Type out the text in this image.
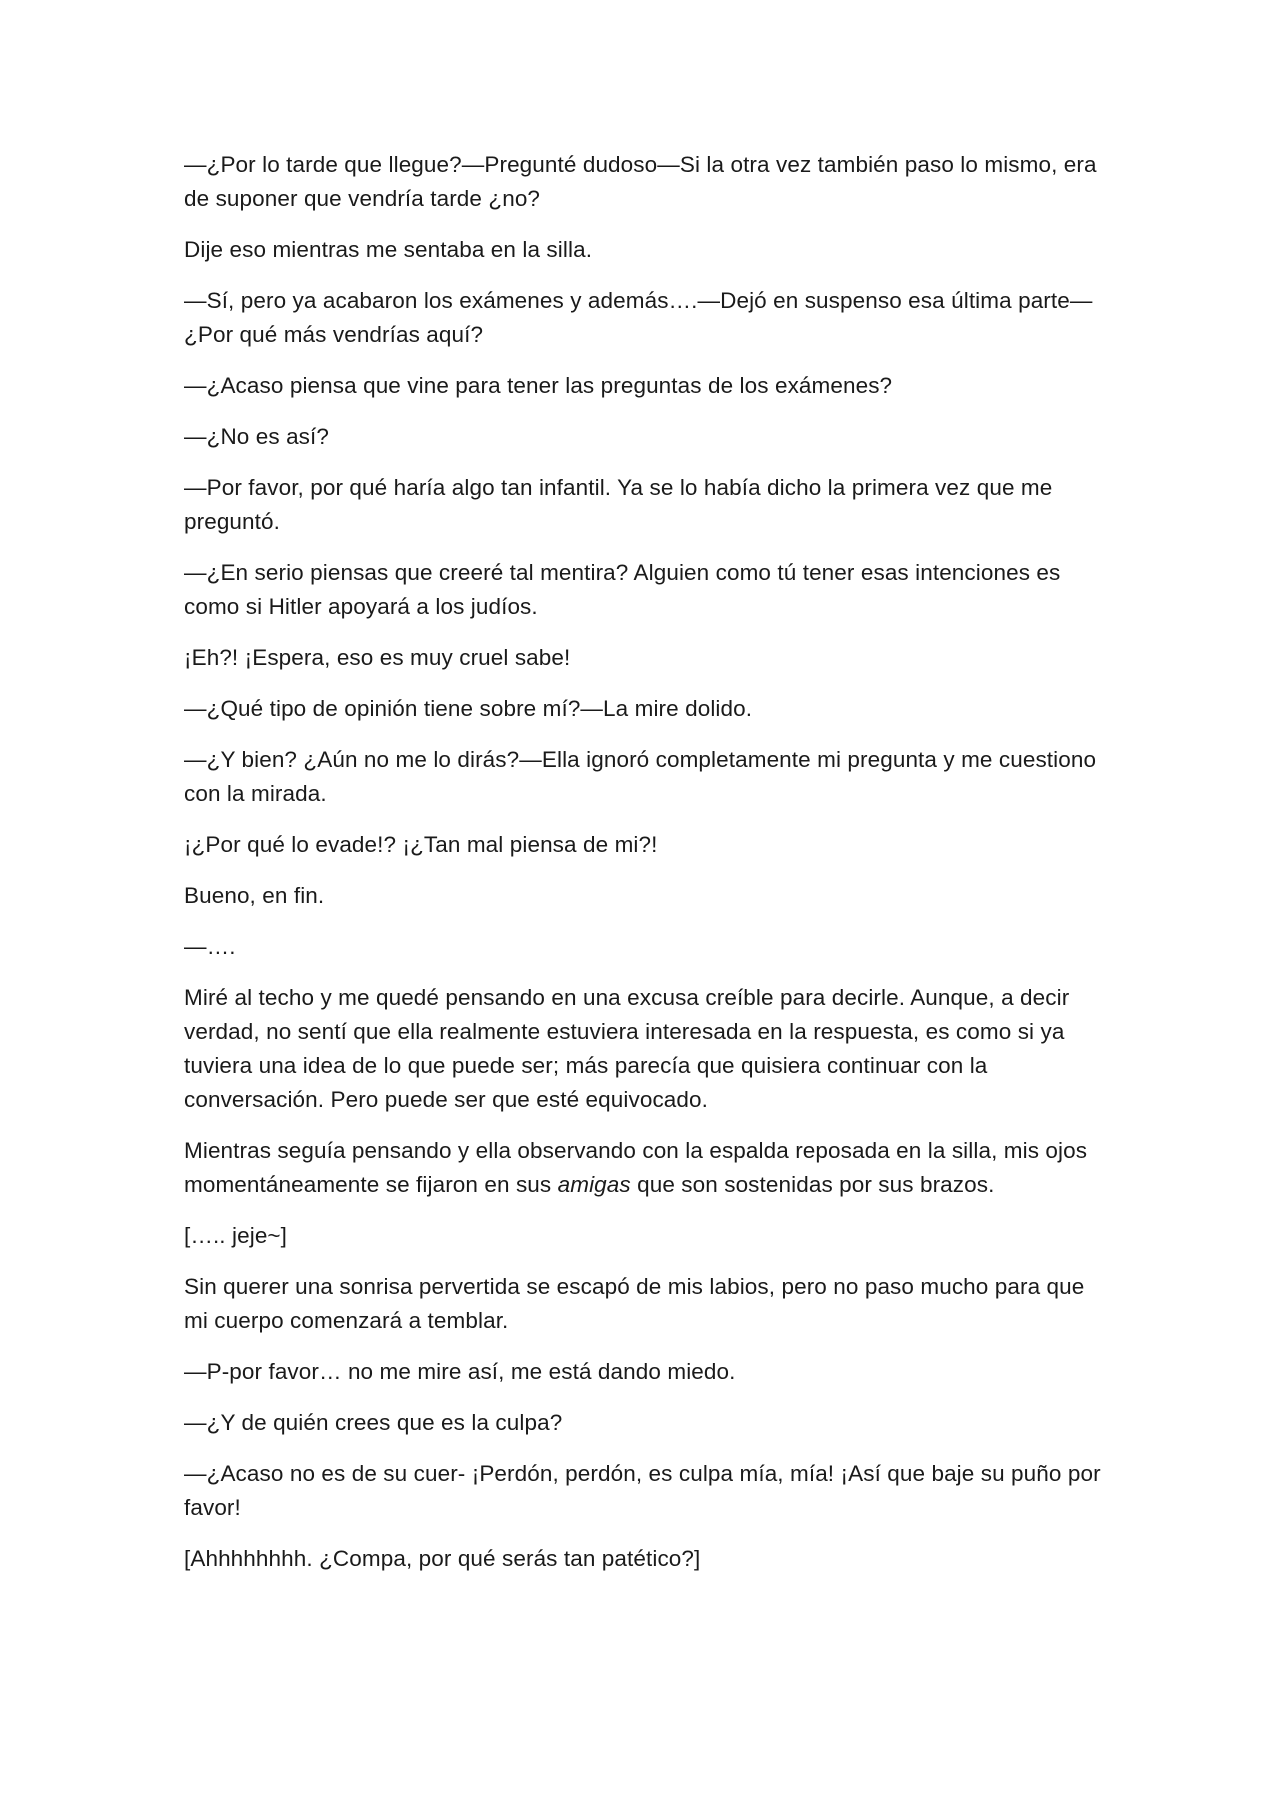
—¿Por lo tarde que llegue?—Pregunté dudoso—Si la otra vez también paso lo mismo, era de suponer que vendría tarde ¿no?

Dije eso mientras me sentaba en la silla.

—Sí, pero ya acabaron los exámenes y además….—Dejó en suspenso esa última parte—¿Por qué más vendrías aquí?

—¿Acaso piensa que vine para tener las preguntas de los exámenes?

—¿No es así?

—Por favor, por qué haría algo tan infantil. Ya se lo había dicho la primera vez que me preguntó.

—¿En serio piensas que creeré tal mentira? Alguien como tú tener esas intenciones es como si Hitler apoyará a los judíos.

¡Eh?! ¡Espera, eso es muy cruel sabe!

—¿Qué tipo de opinión tiene sobre mí?—La mire dolido.

—¿Y bien? ¿Aún no me lo dirás?—Ella ignoró completamente mi pregunta y me cuestiono con la mirada.

¡¿Por qué lo evade!? ¡¿Tan mal piensa de mi?!

Bueno, en fin.

—….

Miré al techo y me quedé pensando en una excusa creíble para decirle. Aunque, a decir verdad, no sentí que ella realmente estuviera interesada en la respuesta, es como si ya tuviera una idea de lo que puede ser; más parecía que quisiera continuar con la conversación. Pero puede ser que esté equivocado.

Mientras seguía pensando y ella observando con la espalda reposada en la silla, mis ojos momentáneamente se fijaron en sus amigas que son sostenidas por sus brazos.

[….. jeje~]

Sin querer una sonrisa pervertida se escapó de mis labios, pero no paso mucho para que mi cuerpo comenzará a temblar.

—P-por favor… no me mire así, me está dando miedo.

—¿Y de quién crees que es la culpa?

—¿Acaso no es de su cuer- ¡Perdón, perdón, es culpa mía, mía! ¡Así que baje su puño por favor!

[Ahhhhhhhh. ¿Compa, por qué serás tan patético?]
